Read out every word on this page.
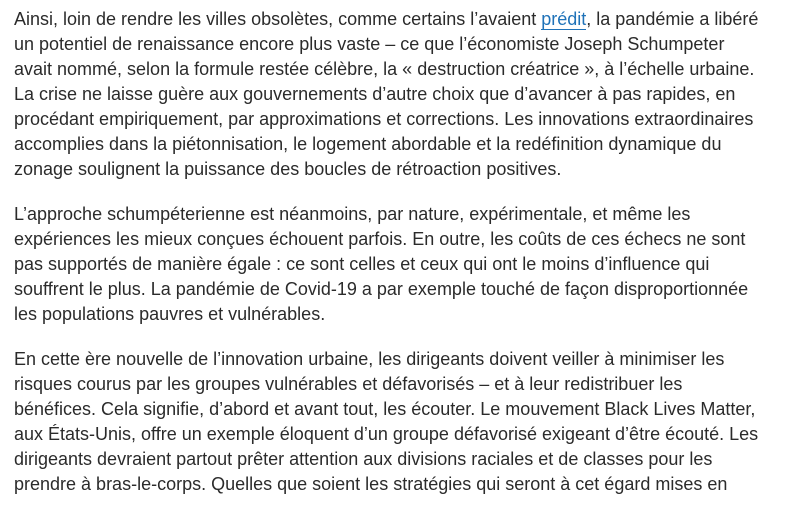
Ainsi, loin de rendre les villes obsolètes, comme certains l’avaient prédit, la pandémie a libéré
un potentiel de renaissance encore plus vaste – ce que l’économiste Joseph Schumpeter
avait nommé, selon la formule restée célèbre, la « destruction créatrice », à l’échelle urbaine.
La crise ne laisse guère aux gouvernements d’autre choix que d’avancer à pas rapides, en
procédant empiriquement, par approximations et corrections. Les innovations extraordinaires
accomplies dans la piétonnisation, le logement abordable et la redéfinition dynamique du
zonage soulignent la puissance des boucles de rétroaction positives.

L’approche schumpéterienne est néanmoins, par nature, expérimentale, et même les
expériences les mieux conçues échouent parfois. En outre, les coûts de ces échecs ne sont
pas supportés de manière égale : ce sont celles et ceux qui ont le moins d’influence qui
souffrent le plus. La pandémie de Covid-19 a par exemple touché de façon disproportionnée
les populations pauvres et vulnérables.

En cette ère nouvelle de l’innovation urbaine, les dirigeants doivent veiller à minimiser les
risques courus par les groupes vulnérables et défavorisés – et à leur redistribuer les
bénéfices. Cela signifie, d’abord et avant tout, les écouter. Le mouvement Black Lives Matter,
aux États-Unis, offre un exemple éloquent d’un groupe défavorisé exigeant d’être écouté. Les
dirigeants devraient partout prêter attention aux divisions raciales et de classes pour les
prendre à bras-le-corps. Quelles que soient les stratégies qui seront à cet égard mises en
